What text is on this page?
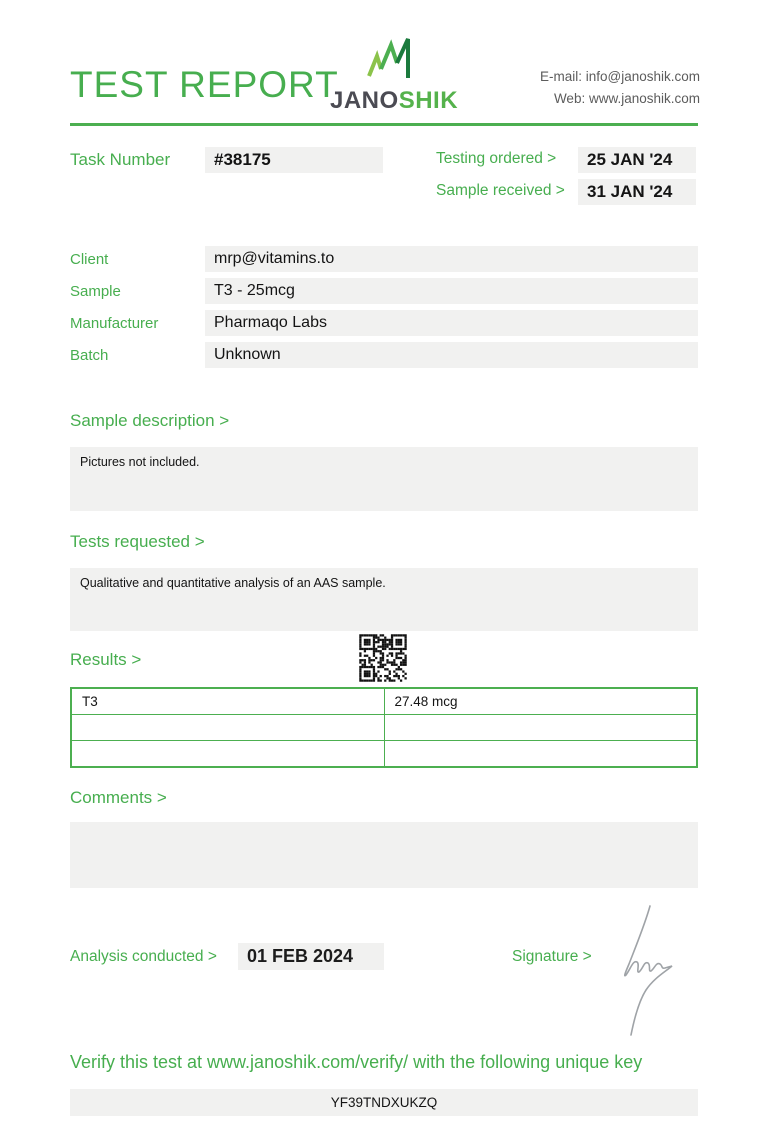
TEST REPORT
JANOSHIK
E-mail: info@janoshik.com
Web: www.janoshik.com
Task Number	#38175	Testing ordered >	25 JAN '24
Sample received >	31 JAN '24
Client	mrp@vitamins.to
Sample	T3 - 25mcg
Manufacturer	Pharmaqo Labs
Batch	Unknown
Sample description >
Pictures not included.
Tests requested >
Qualitative and quantitative analysis of an AAS sample.
Results >
T3	27.48 mcg

Comments >
Analysis conducted >	01 FEB 2024	Signature >
Verify this test at www.janoshik.com/verify/ with the following unique key
YF39TNDXUKZQ
